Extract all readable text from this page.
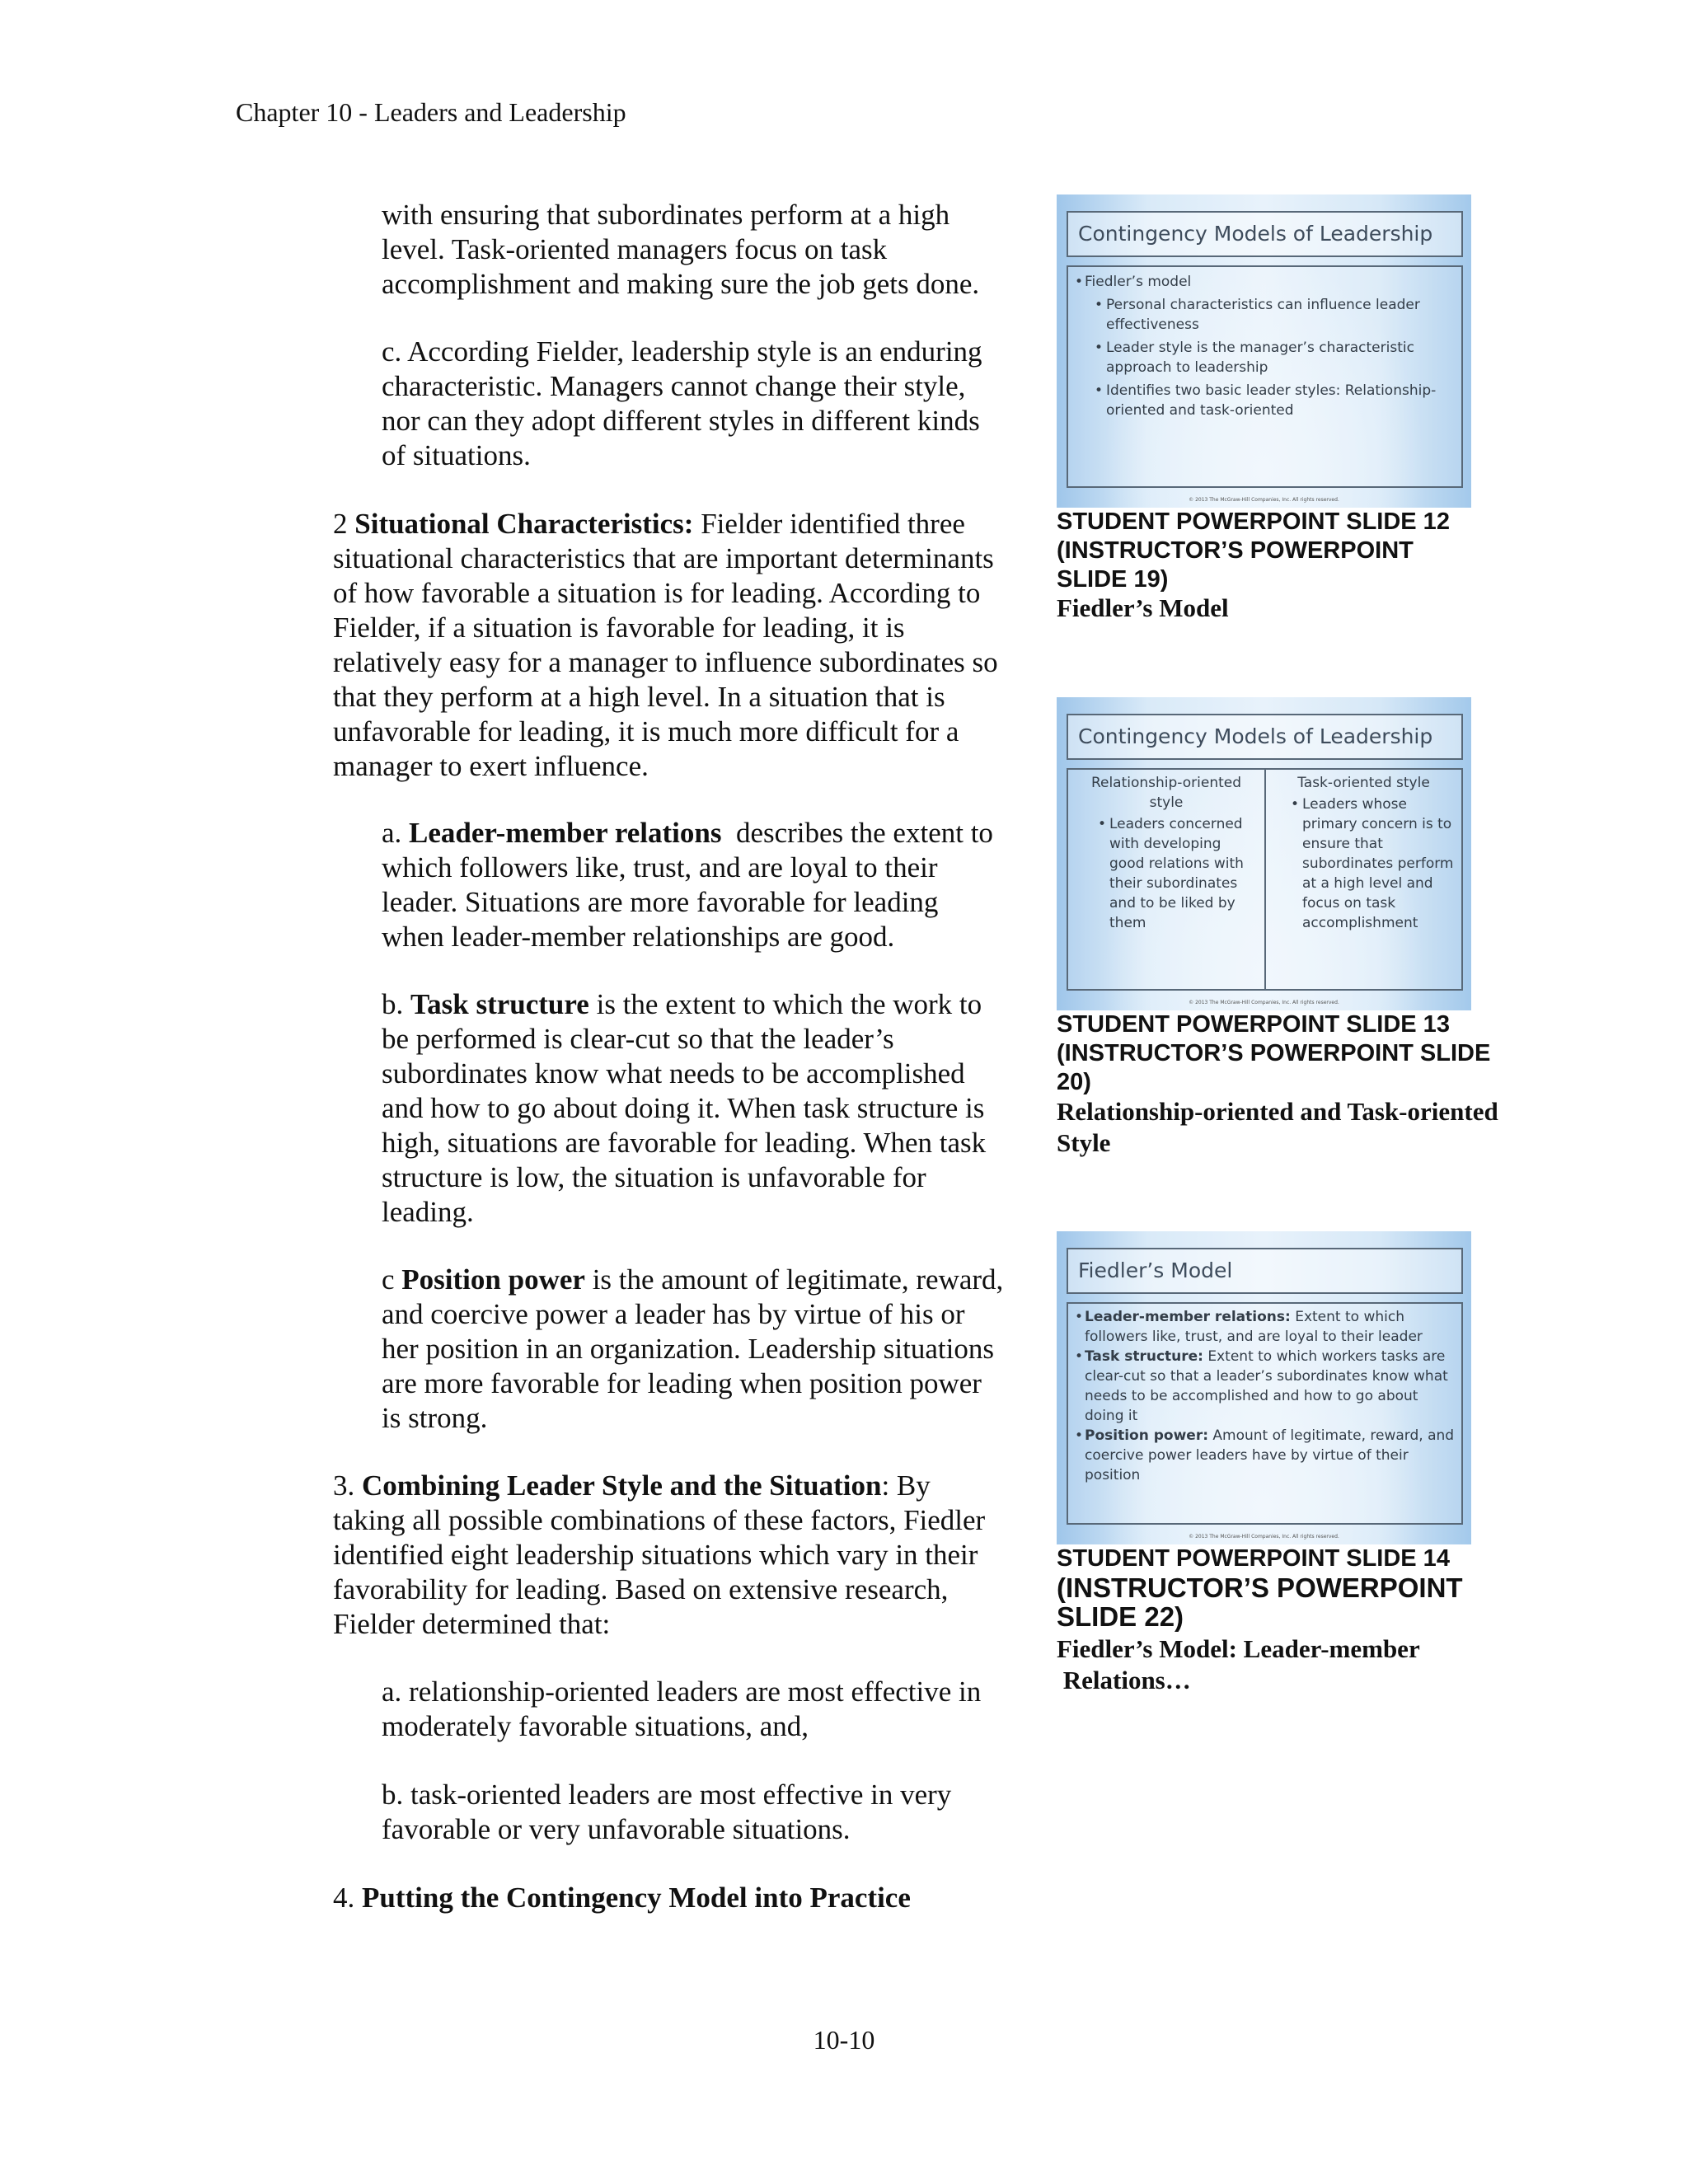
Chapter 10 - Leaders and Leadership
with ensuring that subordinates perform at a high
level. Task-oriented managers focus on task
accomplishment and making sure the job gets done.
c. According Fielder, leadership style is an enduring
characteristic. Managers cannot change their style,
nor can they adopt different styles in different kinds
of situations.
2 Situational Characteristics: Fielder identified three
situational characteristics that are important determinants
of how favorable a situation is for leading. According to
Fielder, if a situation is favorable for leading, it is
relatively easy for a manager to influence subordinates so
that they perform at a high level. In a situation that is
unfavorable for leading, it is much more difficult for a
manager to exert influence.
a. Leader-member relations  describes the extent to
which followers like, trust, and are loyal to their
leader. Situations are more favorable for leading
when leader-member relationships are good.
b. Task structure is the extent to which the work to
be performed is clear-cut so that the leader’s
subordinates know what needs to be accomplished
and how to go about doing it. When task structure is
high, situations are favorable for leading. When task
structure is low, the situation is unfavorable for
leading.
c Position power is the amount of legitimate, reward,
and coercive power a leader has by virtue of his or
her position in an organization. Leadership situations
are more favorable for leading when position power
is strong.
3. Combining Leader Style and the Situation: By
taking all possible combinations of these factors, Fiedler
identified eight leadership situations which vary in their
favorability for leading. Based on extensive research,
Fielder determined that:
a. relationship-oriented leaders are most effective in
moderately favorable situations, and,
b. task-oriented leaders are most effective in very
favorable or very unfavorable situations.
4. Putting the Contingency Model into Practice
Contingency Models of Leadership
• Fiedler’s model
• Personal characteristics can influence leader effectiveness
• Leader style is the manager’s characteristic approach to leadership
• Identifies two basic leader styles: Relationship-oriented and task-oriented
© 2013 The McGraw-Hill Companies, Inc. All rights reserved.
STUDENT POWERPOINT SLIDE 12
(INSTRUCTOR’S POWERPOINT
SLIDE 19)
Fiedler’s Model
Contingency Models of Leadership
Relationship-oriented style
• Leaders concerned with developing good relations with their subordinates and to be liked by them
Task-oriented style
• Leaders whose primary concern is to ensure that subordinates perform at a high level and focus on task accomplishment
© 2013 The McGraw-Hill Companies, Inc. All rights reserved.
STUDENT POWERPOINT SLIDE 13
(INSTRUCTOR’S POWERPOINT SLIDE
20)
Relationship-oriented and Task-oriented
Style
Fiedler’s Model
• Leader-member relations: Extent to which followers like, trust, and are loyal to their leader
• Task structure: Extent to which workers tasks are clear-cut so that a leader’s subordinates know what needs to be accomplished and how to go about doing it
• Position power: Amount of legitimate, reward, and coercive power leaders have by virtue of their position
© 2013 The McGraw-Hill Companies, Inc. All rights reserved.
STUDENT POWERPOINT SLIDE 14
(INSTRUCTOR’S POWERPOINT
SLIDE 22)
Fiedler’s Model: Leader-member
Relations…
10-10
